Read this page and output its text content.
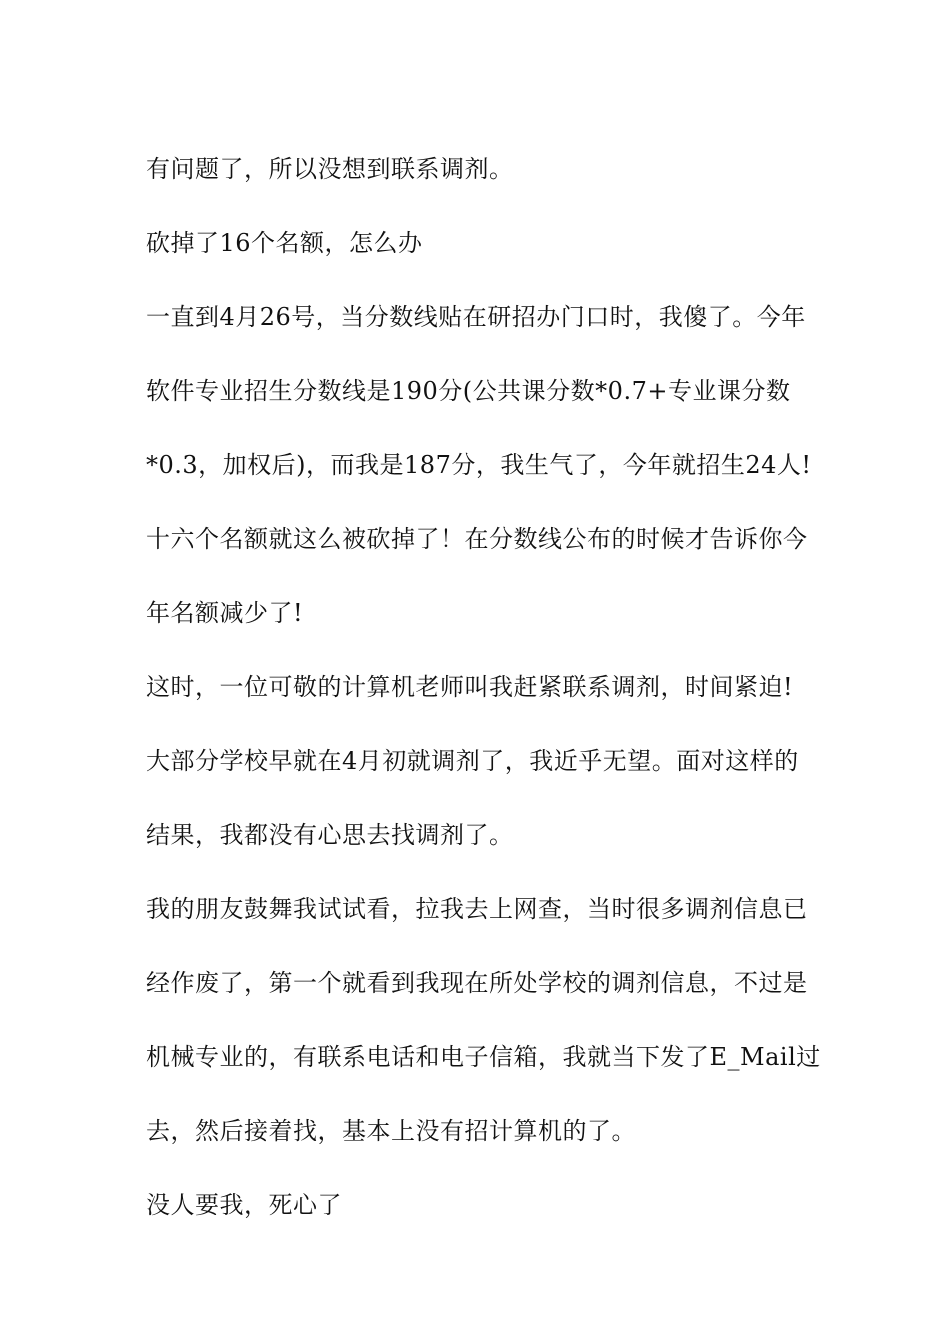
有问题了，所以没想到联系调剂。
砍掉了16个名额，怎么办
一直到4月26号，当分数线贴在研招办门口时，我傻了。今年
软件专业招生分数线是190分(公共课分数*0.7+专业课分数
*0.3，加权后)，而我是187分，我生气了，今年就招生24人!
十六个名额就这么被砍掉了！在分数线公布的时候才告诉你今
年名额减少了!
这时，一位可敬的计算机老师叫我赶紧联系调剂，时间紧迫!
大部分学校早就在4月初就调剂了，我近乎无望。面对这样的
结果，我都没有心思去找调剂了。
我的朋友鼓舞我试试看，拉我去上网查，当时很多调剂信息已
经作废了，第一个就看到我现在所处学校的调剂信息，不过是
机械专业的，有联系电话和电子信箱，我就当下发了E_Mail过
去，然后接着找，基本上没有招计算机的了。
没人要我，死心了
